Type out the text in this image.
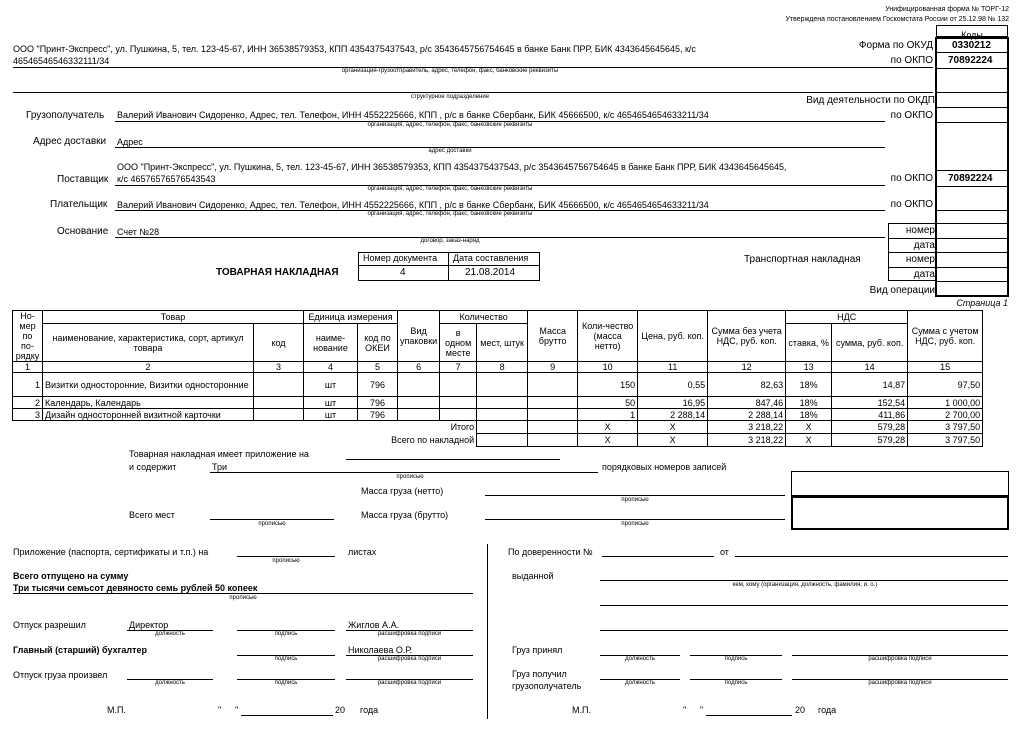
Унифицированная форма № ТОРГ-12
Утверждена постановлением Госкомстата России от 25.12.98 № 132
Коды
Форма по ОКУД 0330212
по ОКПО 70892224
ООО "Принт-Экспресс", ул. Пушкина, 5, тел. 123-45-67, ИНН 36538579353, КПП 4354375437543, р/с 3543645756754645 в банке Банк ПРР, БИК 4343645645645, к/с
46546546546332111/34
организация-грузоотправитель, адрес, телефон, факс, банковские реквизиты
структурное подразделение	Вид деятельности по ОКДП
Грузополучатель Валерий Иванович Сидоренко, Адрес, тел. Телефон, ИНН 4552225666, КПП , р/с в банке Сбербанк, БИК 45666500, к/с 465465465463321​1/34
организация, адрес, телефон, факс, банковские реквизиты
по ОКПО
Адрес доставки Адрес
адрес доставки
ООО "Принт-Экспресс", ул. Пушкина, 5, тел. 123-45-67, ИНН 36538579353, КПП 4354375437543, р/с 3543645756754645 в банке Банк ПРР, БИК 4343645645645,
Поставщик к/с 46576576576543543
организация, адрес, телефон, факс, банковские реквизиты
по ОКПО 70892224
Плательщик Валерий Иванович Сидоренко, Адрес, тел. Телефон, ИНН 4552225666, КПП , р/с в банке Сбербанк, БИК 45666500, к/с 465465465463321​1/34
организация, адрес, телефон, факс, банковские реквизиты
по ОКПО
Основание Счет №28
договор, заказ-наряд
номер
дата
номер
дата
Транспортная накладная
Вид операции
ТОВАРНАЯ НАКЛАДНАЯ
Номер документа Дата составления
4	21.08.2014
Страница 1
Но-мер по по-рядку	Товар		Единица измерения		Вид упаковки	Количество		Масса брутто	Коли-чество (масса нетто)	Цена, руб. коп.	Сумма без учета НДС, руб. коп.	НДС		Сумма с учетом НДС, руб. коп.
	наименование, характеристика, сорт, артикул товара	код	наиме-нование	код по ОКЕИ		в одном месте	мест, штук					ставка, %	сумма, руб. коп.	
1	2	3	4	5	6	7	8	9	10	11	12	13	14	15
1	Визитки односторонние, Визитки односторонние		шт	796					150	0,55	82,63	18%	14,87	97,50
2	Календарь, Календарь		шт	796					50	16,95	847,46	18%	152,54	1 000,00
3	Дизайн односторонней визитной карточки		шт	796					1	2 288,14	2 288,14	18%	411,86	2 700,00
Итого									X	X	3 218,22	X	579,28	3 797,50
Всего по накладной									X	X	3 218,22	X	579,28	3 797,50
Товарная накладная имеет приложение на
и содержит	Три
прописью
порядковых номеров записей
Масса груза (нетто)
прописью
Всего мест
прописью
Масса груза (брутто)
прописью
Приложение (паспорта, сертификаты и т.п.) на
прописью
листах
Всего отпущено на сумму
Три тысячи семьсот девяносто семь рублей 50 копеек
прописью
Отпуск разрешил	Директор	Жиглов А.А.
должность	подпись	расшифровка подписи
Главный (старший) бухгалтер	Николаева О.Р.
подпись	расшифровка подписи
Отпуск груза произвел
должность	подпись	расшифровка подписи
М.П.	" "	20 года
По доверенности №	от
выданной
кем, кому (организация, должность, фамилия, и. о.)
Груз принял
должность	подпись	расшифровка подписи
Груз получил
грузополучатель	должность	подпись	расшифровка подписи
М.П.	" "	20 года
